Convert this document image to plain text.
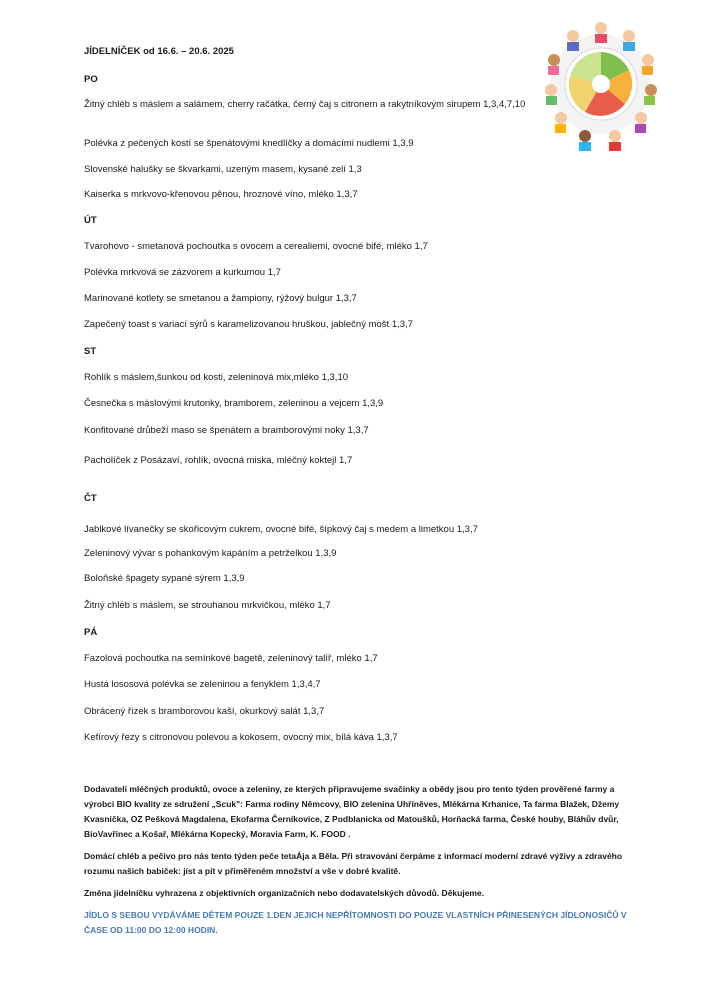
JÍDELNÍČEK od 16.6. – 20.6. 2025
PO
Žitný chléb s máslem a salámem, cherry račátka, černý čaj s citronem a rakytníkovým sirupem 1,3,4,7,10
Polévka z pečených kostí se špenátovými knedlíčky a domácími nudlemi 1,3,9
Slovenské halušky se škvarkami, uzeným masem, kysané zelí 1,3
Kaiserka s mrkvovo-křenovou pěnou, hroznové víno, mléko 1,3,7
ÚT
Tvarohovo - smetanová pochoutka s ovocem a cerealiemi, ovocné bifé, mléko 1,7
Polévka mrkvová se zázvorem a kurkumou 1,7
Marinované kotlety se smetanou a žampiony, rýžový bulgur 1,3,7
Zapečený toast s variací sýrů s karamelizovanou hruškou, jablečný mošt 1,3,7
ST
Rohlík s máslem,šunkou od kosti, zeleninová mix,mléko 1,3,10
Česnečka s máslovými krutonky, bramborem, zeleninou a vejcem 1,3,9
Konfitované drůbeží maso se špenátem a bramborovými noky 1,3,7
Pacholíček z Posázaví, rohlík, ovocná miska, mléčný koktejl 1,7
ČT
Jablkové lívanečky se skořicovým cukrem, ovocné bifé, šípkový čaj s medem a limetkou 1,3,7
Zeleninový vývar s pohankovým kapáním a petrželkou 1,3,9
Boloňské špagety sypané sýrem 1,3,9
Žitný chléb s máslem, se strouhanou mrkvičkou, mléko 1,7
PÁ
Fazolová pochoutka na semínkové bagetě, zeleninový talíř, mléko 1,7
Hustá lososová polévka se zeleninou a fenyklem 1,3,4,7
Obrácený řízek s bramborovou kaší, okurkový salát 1,3,7
Kefírový řezy s citronovou polevou a kokosem, ovocný mix, bílá káva 1,3,7
Dodavateli mléčných produktů, ovoce a zeleniny, ze kterých připravujeme svačinky a obědy jsou pro tento týden prověřené farmy a výrobci BIO kvality ze sdružení „Scuk": Farma rodiny Němcovy, BIO zelenina Uhříněves, Mlékárna Krhanice, Ta farma Blažek, Džemy Kvasnička, OZ Pešková Magdalena, Ekofarma Černíkovice, Z Podblanicka od Matoušků, Horňacká farma, České houby, Bláhův dvůr, BioVavřinec a Košař, Mlékárna Kopecký, Moravia Farm, K. FOOD .
Domácí chléb a pečivo pro nás tento týden peče tetaÁja a Běla. Při stravování čerpáme z informací moderní zdravé výživy a zdravého rozumu našich babiček: jíst a pít v přiměřeném množství a vše v dobré kvalitě.
Změna jídelníčku vyhrazena z objektivních organizačních nebo dodavatelských důvodů. Děkujeme.
JÍDLO S SEBOU VYDÁVÁME DĚTEM POUZE 1.DEN JEJICH NEPŘÍTOMNOSTI DO POUZE VLASTNÍCH PŘINESENÝCH JÍDLONOSIČŮ V ČASE OD 11:00 DO 12:00 HODIN.
